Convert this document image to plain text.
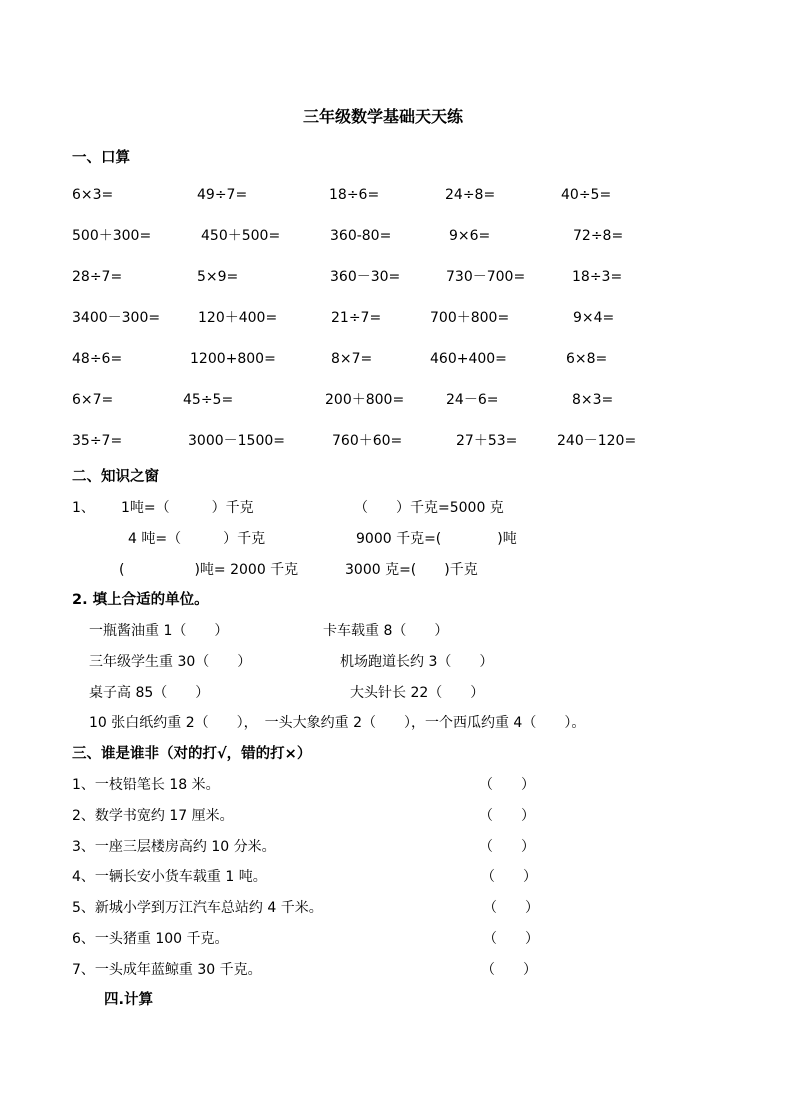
三年级数学基础天天练
一、口算
6×3=	49÷7=	18÷6=	24÷8=	40÷5=
500＋300=	450＋500=	360-80=	9×6=	72÷8=
28÷7=	5×9=	360－30=	730－700=	18÷3=
3400－300=	120＋400=	21÷7=	700＋800=	9×4=
48÷6=	1200+800=	8×7=	460+400=	6×8=
6×7=	45÷5=	200＋800=	24－6=	8×3=
35÷7=	3000－1500=	760＋60=	27＋53=	240－120=
二、知识之窗
1、 1吨=（　　　）千克	（　　）千克=5000 克
4 吨=（　　　）千克	9000 千克=(　　　　)吨
(　　　　　)吨= 2000 千克	3000 克=(　　)千克
2. 填上合适的单位。
一瓶酱油重 1（　　）	卡车载重 8（　　）
三年级学生重 30（　　）	机场跑道长约 3（　　）
桌子高 85（　　）	大头针长 22（　　）
10 张白纸约重 2（　　），　一头大象约重 2（　　），一个西瓜约重 4（　　）。
三、谁是谁非（对的打√，错的打×）
1、一枝铅笔长 18 米。	（　　）
2、数学书宽约 17 厘米。	（　　）
3、一座三层楼房高约 10 分米。	（　　）
4、一辆长安小货车载重 1 吨。	（　　）
5、新城小学到万江汽车总站约 4 千米。	（　　）
6、一头猪重 100 千克。	（　　）
7、一头成年蓝鲸重 30 千克。	（　　）
四.计算
